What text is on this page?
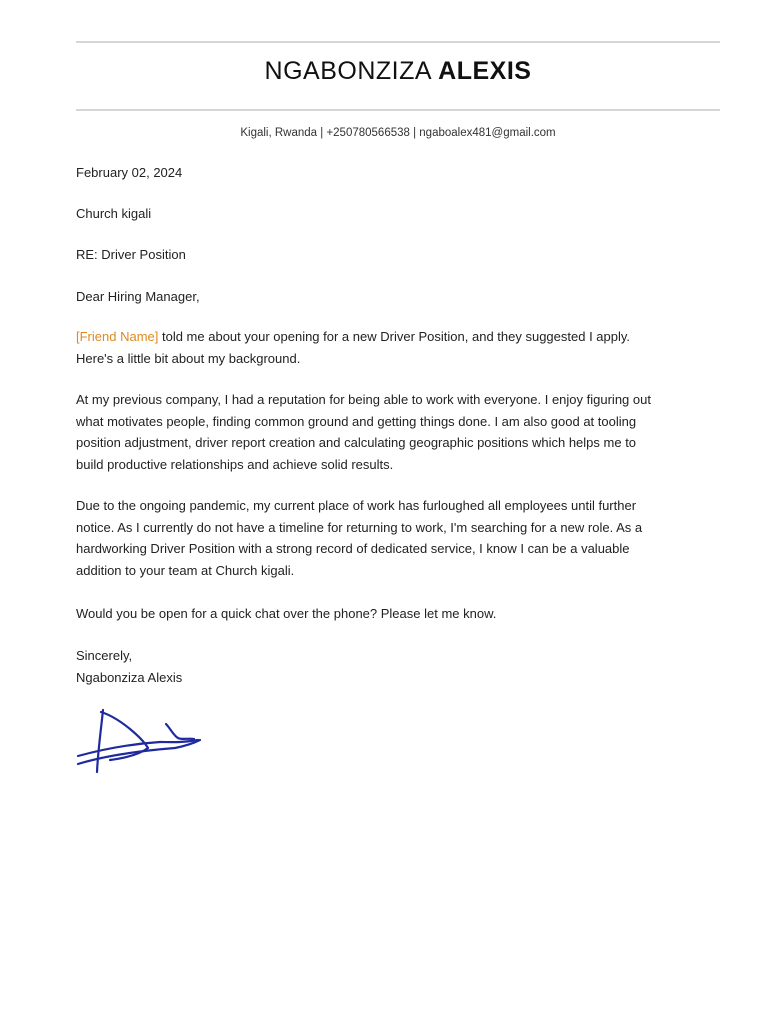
NGABONZIZA ALEXIS
Kigali, Rwanda | +250780566538 | ngaboalex481@gmail.com
February 02, 2024
Church kigali
RE: Driver Position
Dear Hiring Manager,
[Friend Name] told me about your opening for a new Driver Position, and they suggested I apply.
Here's a little bit about my background.
At my previous company, I had a reputation for being able to work with everyone. I enjoy figuring out
what motivates people, finding common ground and getting things done. I am also good at tooling
position adjustment, driver report creation and calculating geographic positions which helps me to
build productive relationships and achieve solid results.
Due to the ongoing pandemic, my current place of work has furloughed all employees until further
notice. As I currently do not have a timeline for returning to work, I'm searching for a new role. As a
hardworking Driver Position with a strong record of dedicated service, I know I can be a valuable
addition to your team at Church kigali.
Would you be open for a quick chat over the phone? Please let me know.
Sincerely,
Ngabonziza Alexis
